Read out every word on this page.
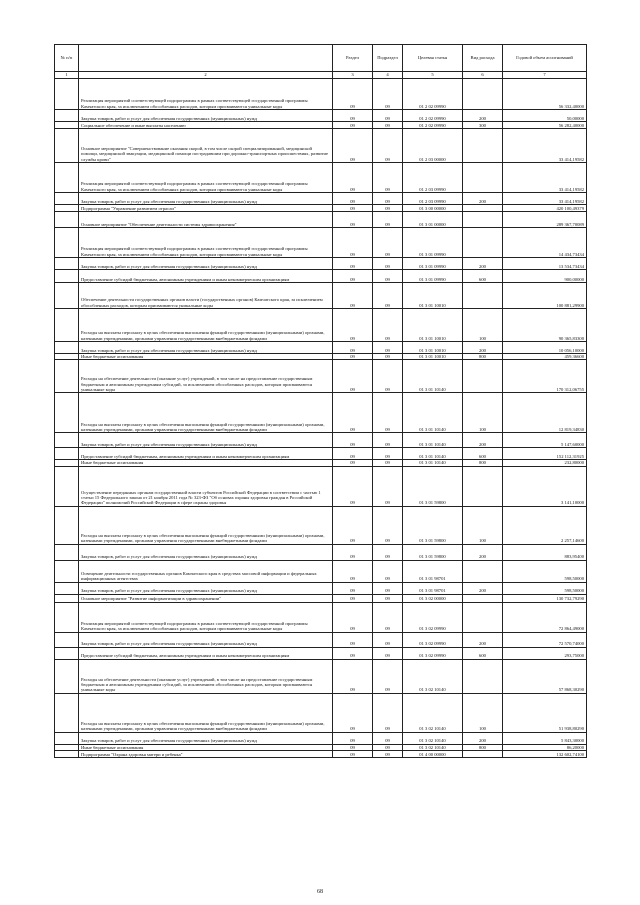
№ п/п		Раздел	Подраздел	Целевая статья	Вид расхода	Годовой объем ассигнований
1	2	3	4	5	6	7
	Реализация мероприятий соответствующей подпрограммы в рамках соответствующей государственной программы Камчатского края, за исключением обособленных расходов, которым присваиваются уникальные коды	09	09	01 2 02 09990		56 332,40000
	Закупка товаров, работ и услуг для обеспечения государственных (муниципальных) нужд	09	09	01 2 02 09990	200	50,00000
	Социальное обеспечение и иные выплаты населению	09	09	01 2 02 09990	300	56 282,40000
	Основное мероприятие "Совершенствование оказания скорой, в том числе скорой специализированной, медицинской помощи, медицинской эвакуации, медицинской помощи пострадавшим при дорожно-транспортных происшествиях, развитие службы крови"	09	09	01 2 03 00000		33 414,19582
	Реализация мероприятий соответствующей подпрограммы в рамках соответствующей государственной программы Камчатского края, за исключением обособленных расходов, которым присваиваются уникальные коды	09	09	01 2 03 09990		33 414,19582
	Закупка товаров, работ и услуг для обеспечения государственных (муниципальных) нужд	09	09	01 2 03 09990	200	33 414,19582
	Подпрограмма "Управление развитием отрасли"	09	09	01 3 00 00000		420 100,49379
	Основное мероприятие "Обеспечение деятельности системы здравоохранения"	09	09	01 3 01 00000		289 367,70089
	Реализация мероприятий соответствующей подпрограммы в рамках соответствующей государственной программы Камчатского края, за исключением обособленных расходов, которым присваиваются уникальные коды	09	09	01 3 01 09990		14 434,73434
	Закупка товаров, работ и услуг для обеспечения государственных (муниципальных) нужд	09	09	01 3 01 09990	200	13 534,73434
	Предоставление субсидий бюджетным, автономным учреждениям и иным некоммерческим организациям	09	09	01 3 01 09990	600	900,00000
	Обеспечение деятельности государственных органов власти (государственных органов) Камчатского края, за исключением обособленных расходов, которым присваиваются уникальные коды	09	09	01 3 01 10010		100 881,29900
	Расходы на выплаты персоналу в целях обеспечения выполнения функций государственными (муниципальными) органами, казенными учреждениями, органами управления государственными внебюджетными фондами	09	09	01 3 01 10010	100	90 365,83300
	Закупка товаров, работ и услуг для обеспечения государственных (муниципальных) нужд	09	09	01 3 01 10010	200	10 056,10000
	Иные бюджетные ассигнования	09	09	01 3 01 10010	800	459,36600
	Расходы на обеспечение деятельности (оказание услуг) учреждений, в том числе на предоставление государственным бюджетным и автономным учреждениям субсидий, за исключением обособленных расходов, которым присваиваются уникальные коды	09	09	01 3 01 10140		170 312,06755
	Расходы на выплаты персоналу в целях обеспечения выполнения функций государственными (муниципальными) органами, казенными учреждениями, органами управления государственными внебюджетными фондами	09	09	01 3 01 10140	100	12 819,34830
	Закупка товаров, работ и услуг для обеспечения государственных (муниципальных) нужд	09	09	01 3 01 10140	200	5 147,60000
	Предоставление субсидий бюджетным, автономным учреждениям и иным некоммерческим организациям	09	09	01 3 01 10140	600	152 112,31925
	Иные бюджетные ассигнования	09	09	01 3 01 10140	800	232,80000
	Осуществление переданных органам государственной власти субъектов Российской Федерации в соответствии с частью 1 статьи 15 Федерального закона от 21 ноября 2011 года № 323-ФЗ "Об основах охраны здоровья граждан в Российской Федерации" полномочий Российской Федерации в сфере охраны здоровья	09	09	01 3 01 59800		3 141,10000
	Расходы на выплаты персоналу в целях обеспечения выполнения функций государственными (муниципальными) органами, казенными учреждениями, органами управления государственными внебюджетными фондами	09	09	01 3 01 59800	100	2 257,14600
	Закупка товаров, работ и услуг для обеспечения государственных (муниципальных) нужд	09	09	01 3 01 59800	200	883,95400
	Освещение деятельности государственных органов Камчатского края в средствах массовой информации и федеральных информационных агентствах	09	09	01 3 01 98701		598,50000
	Закупка товаров, работ и услуг для обеспечения государственных (муниципальных) нужд	09	09	01 3 01 98701	200	598,50000
	Основное мероприятие "Развитие информатизации в здравоохранении"	09	09	01 3 02 00000		130 732,79290
	Реализация мероприятий соответствующей подпрограммы в рамках соответствующей государственной программы Камчатского края, за исключением обособленных расходов, которым присваиваются уникальные коды	09	09	01 3 02 09990		72 864,49000
	Закупка товаров, работ и услуг для обеспечения государственных (муниципальных) нужд	09	09	01 3 02 09990	200	72 570,74000
	Предоставление субсидий бюджетным, автономным учреждениям и иным некоммерческим организациям	09	09	01 3 02 09990	600	293,75000
	Расходы на обеспечение деятельности (оказание услуг) учреждений, в том числе на предоставление государственным бюджетным и автономным учреждениям субсидий, за исключением обособленных расходов, которым присваиваются уникальные коды	09	09	01 3 02 10140		57 868,30290
	Расходы на выплаты персоналу в целях обеспечения выполнения функций государственными (муниципальными) органами, казенными учреждениями, органами управления государственными внебюджетными фондами	09	09	01 3 02 10140	100	51 938,80290
	Закупка товаров, работ и услуг для обеспечения государственных (муниципальных) нужд	09	09	01 3 02 10140	200	5 843,30000
	Иные бюджетные ассигнования	09	09	01 3 02 10140	800	86,20000
	Подпрограмма "Охрана здоровья матери и ребенка"	09	09	01 4 00 00000		132 602,74100
68
